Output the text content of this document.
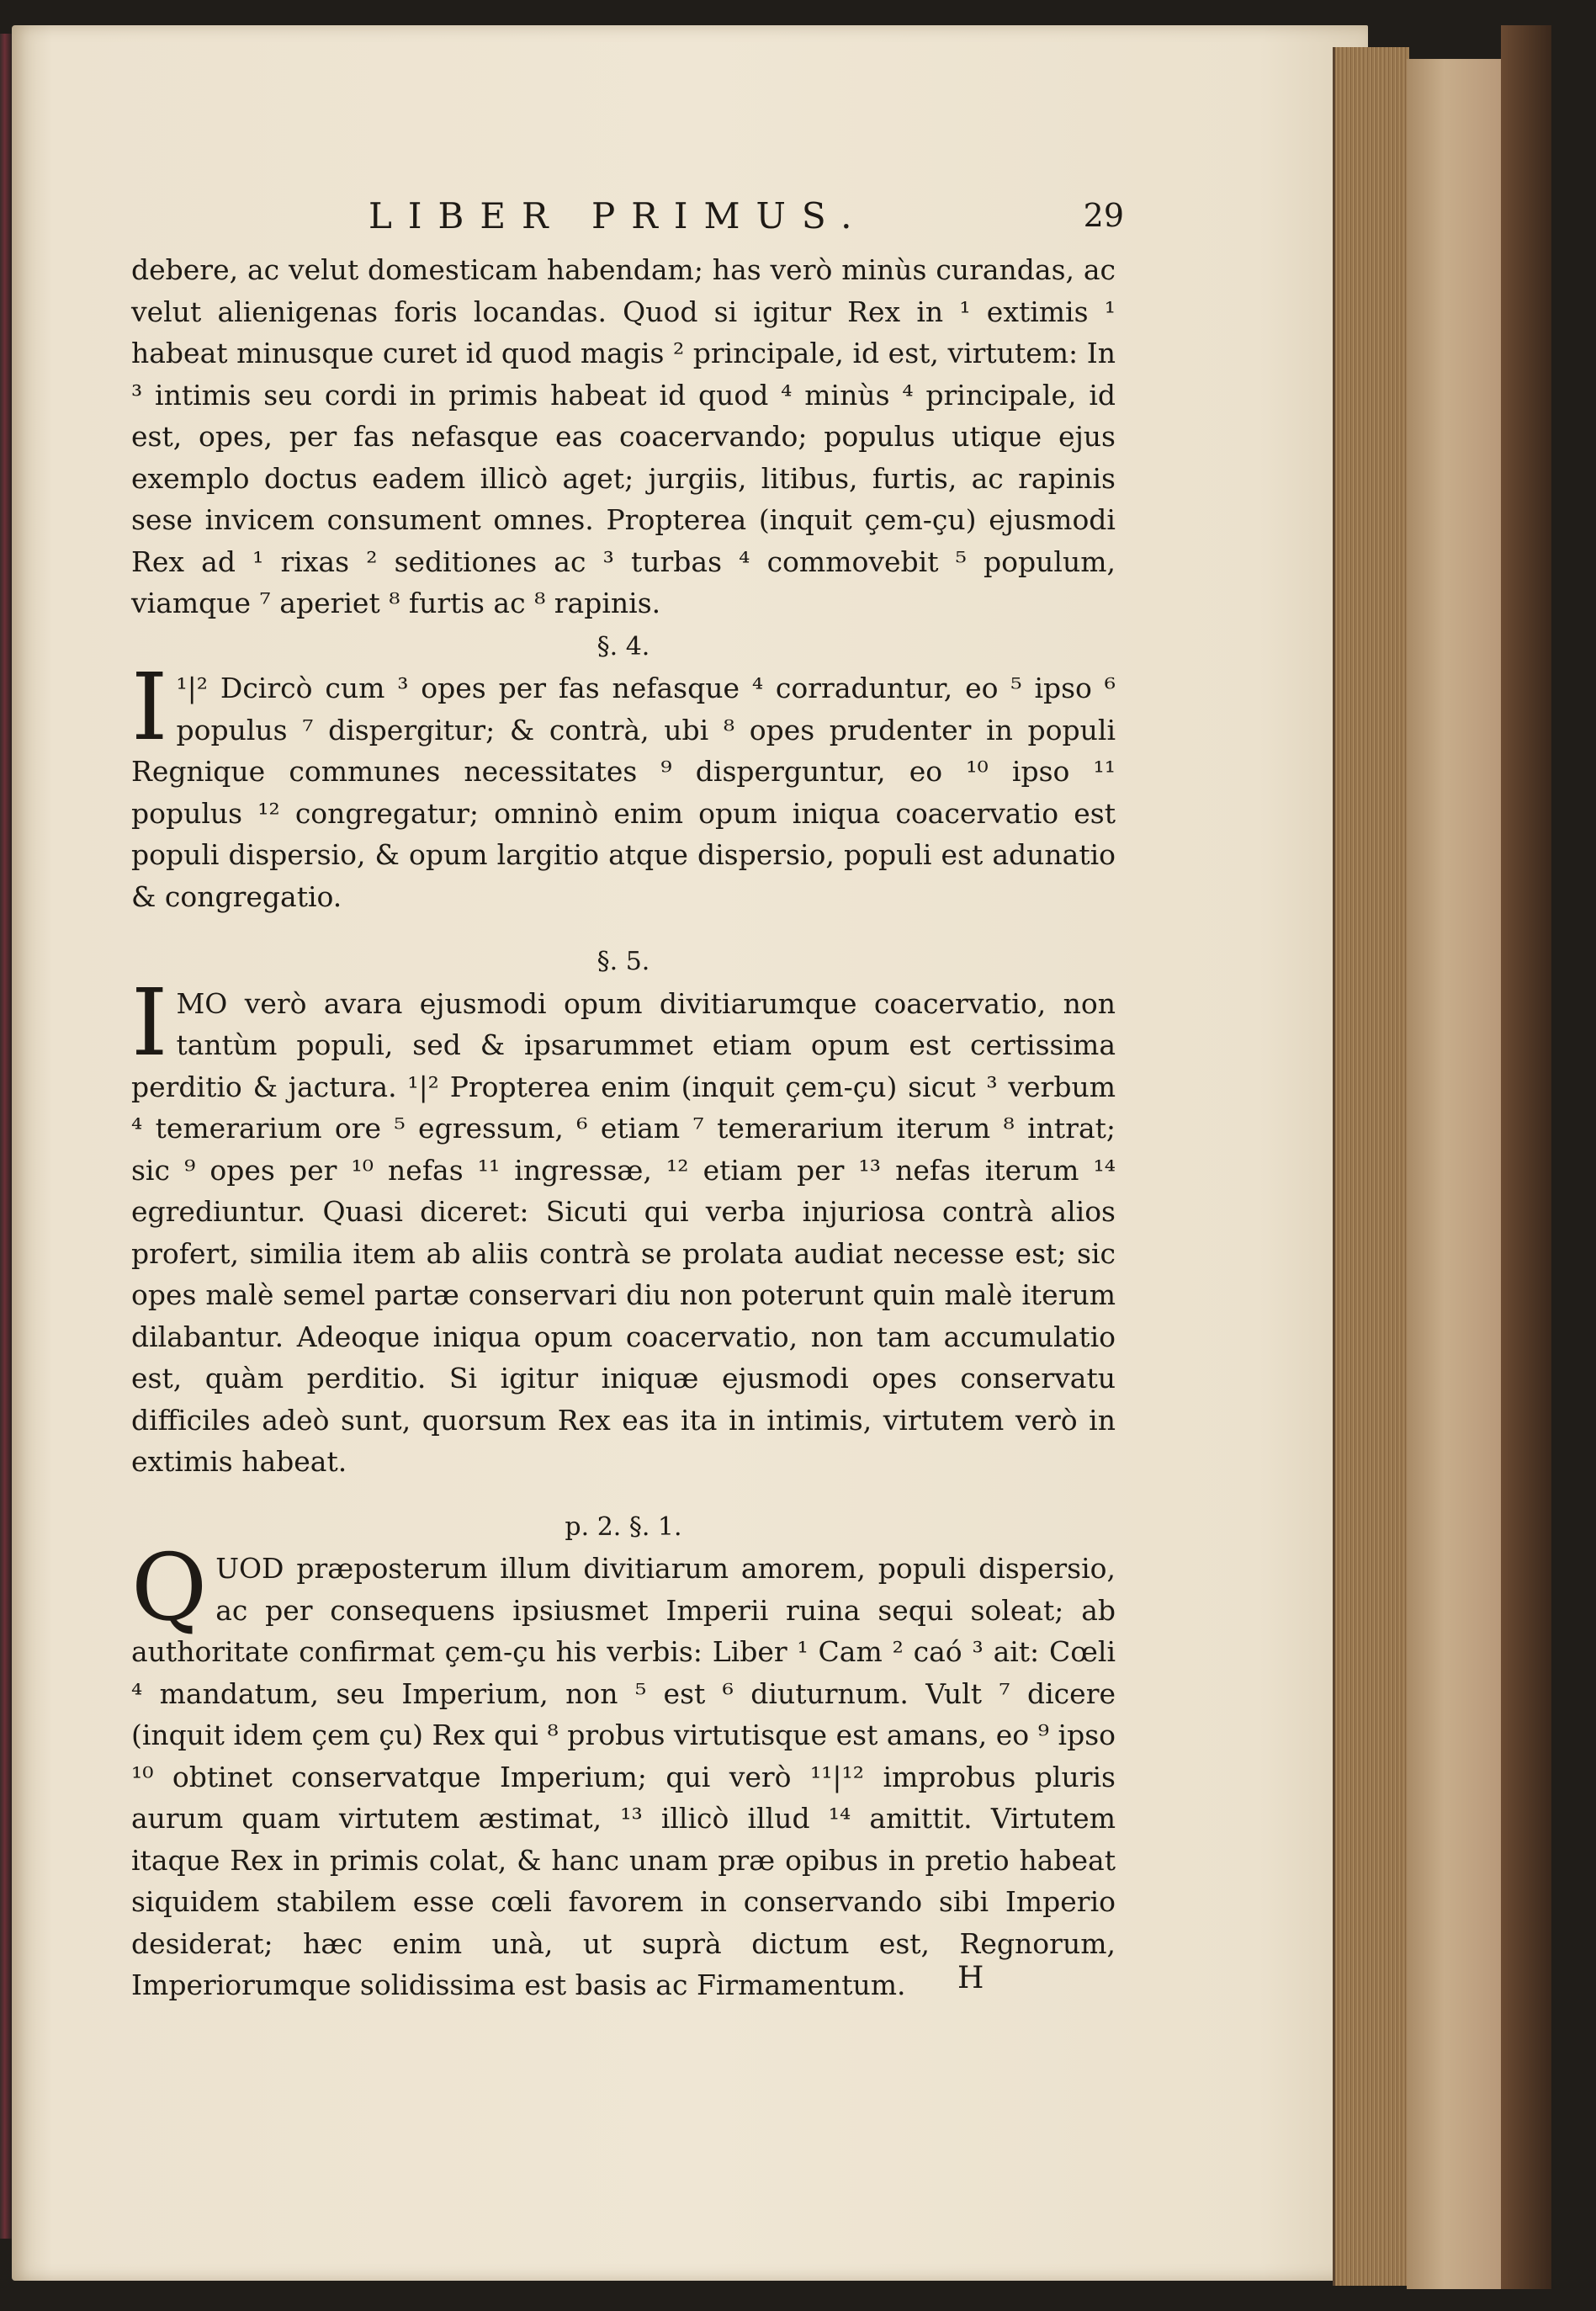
LIBER PRIMUS.	29

debere, ac velut domesticam habendam; has verò minùs curandas, ac velut alienigenas foris locandas. Quod si igitur Rex in ¹ extimis ¹ habeat minusque curet id quod magis ² principale, id est, virtutem: In ³ intimis seu cordi in primis habeat id quod ⁴ minùs ⁴ principale, id est, opes, per fas nefasque eas coacervando; populus utique ejus exemplo doctus eadem illicò aget; jurgiis, litibus, furtis, ac rapinis sese invicem consument omnes. Propterea (inquit çem-çu) ejusmodi Rex ad ¹ rixas ² seditiones ac ³ turbas ⁴ commovebit ⁵ populum, viamque ⁷ aperiet ⁸ furtis ac ⁸ rapinis.

§. 4.

I ¹|² Dcircò cum ³ opes per fas nefasque ⁴ corraduntur, eo ⁵ ipso ⁶ populus ⁷ dispergitur; & contrà, ubi ⁸ opes prudenter in populi Regnique communes necessitates ⁹ disperguntur, eo ¹⁰ ipso ¹¹ populus ¹² congregatur; omninò enim opum iniqua coacervatio est populi dispersio, & opum largitio atque dispersio, populi est adunatio & congregatio.

§. 5.

IMO verò avara ejusmodi opum divitiarumque coacervatio, non tantùm populi, sed & ipsarummet etiam opum est certissima perditio & jactura. ¹|² Propterea enim (inquit çem-çu) sicut ³ verbum ⁴ temerarium ore ⁵ egressum, ⁶ etiam ⁷ temerarium iterum ⁸ intrat; sic ⁹ opes per ¹⁰ nefas ¹¹ ingressæ, ¹² etiam per ¹³ nefas iterum ¹⁴ egrediuntur. Quasi diceret: Sicuti qui verba injuriosa contrà alios profert, similia item ab aliis contrà se prolata audiat necesse est; sic opes malè semel partæ conservari diu non poterunt quin malè iterum dilabantur. Adeoque iniqua opum coacervatio, non tam accumulatio est, quàm perditio. Si igitur iniquæ ejusmodi opes conservatu difficiles adeò sunt, quorsum Rex eas ita in intimis, virtutem verò in extimis habeat.

p. 2. §. 1.

QUOD præposterum illum divitiarum amorem, populi dispersio, ac per consequens ipsiusmet Imperii ruina sequi soleat; ab authoritate confirmat çem-çu his verbis: Liber ¹ Cam ² caó ³ ait: Cœli ⁴ mandatum, seu Imperium, non ⁵ est ⁶ diuturnum. Vult ⁷ dicere (inquit idem çem çu) Rex qui ⁸ probus virtutisque est amans, eo ⁹ ipso ¹⁰ obtinet conservatque Imperium; qui verò ¹¹|¹² improbus pluris aurum quam virtutem æstimat, ¹³ illicò illud ¹⁴ amittit. Virtutem itaque Rex in primis colat, & hanc unam præ opibus in pretio habeat siquidem stabilem esse cœli favorem in conservando sibi Imperio desiderat; hæc enim unà, ut suprà dictum est, Regnorum, Imperiorumque solidissima est basis ac Firmamentum.	H
